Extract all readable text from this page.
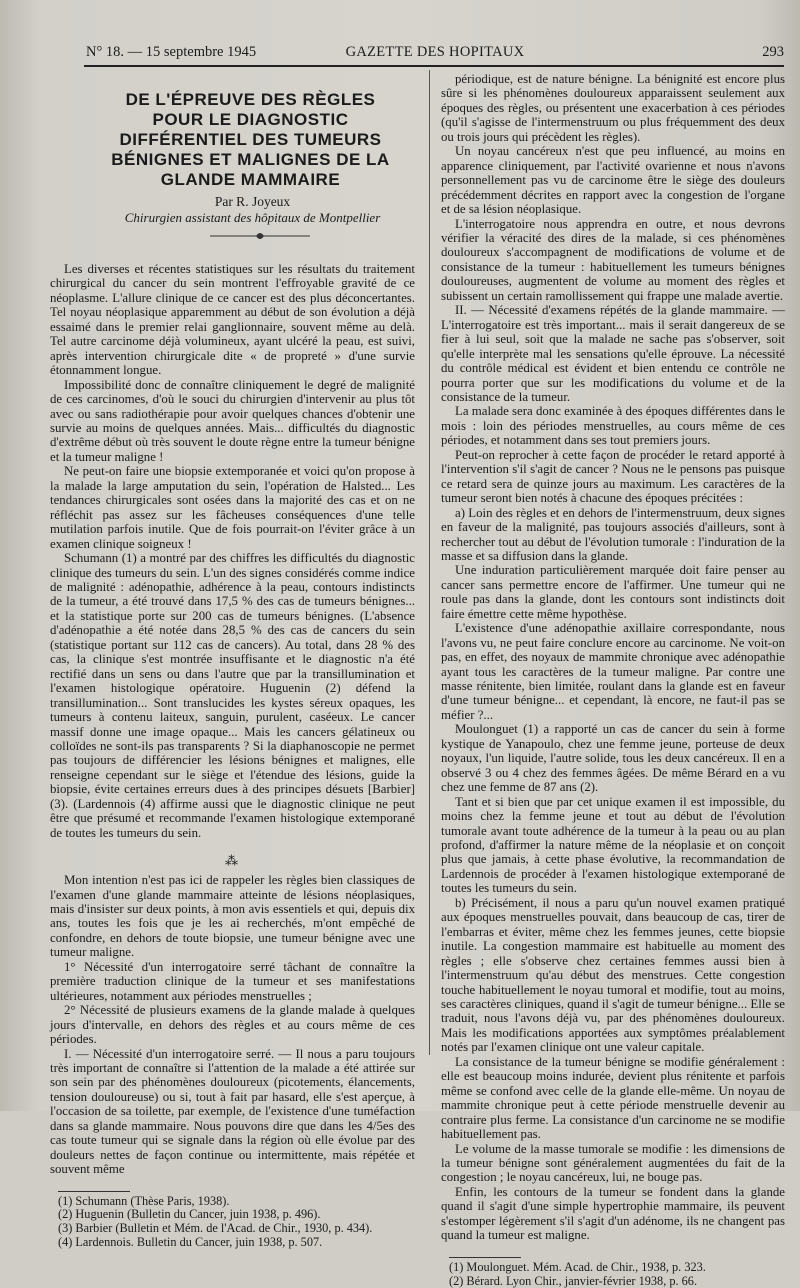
N° 18. — 15 septembre 1945	GAZETTE DES HOPITAUX	293
DE L'ÉPREUVE DES RÈGLES
POUR LE DIAGNOSTIC DIFFÉRENTIEL DES TUMEURS
BÉNIGNES ET MALIGNES DE LA GLANDE MAMMAIRE
Par R. Joyeux
Chirurgien assistant des hôpitaux de Montpellier

Les diverses et récentes statistiques sur les résultats du traitement chirurgical du cancer du sein montrent l'effroyable gravité de ce néoplasme. L'allure clinique de ce cancer est des plus déconcertantes. Tel noyau néoplasique apparemment au début de son évolution a déjà essaimé dans le premier relai ganglionnaire, souvent même au delà. Tel autre carcinome déjà volumineux, ayant ulcéré la peau, est suivi, après intervention chirurgicale dite « de propreté » d'une survie étonnamment longue.

Impossibilité donc de connaître cliniquement le degré de malignité de ces carcinomes, d'où le souci du chirurgien d'intervenir au plus tôt avec ou sans radiothérapie pour avoir quelques chances d'obtenir une survie au moins de quelques années. Mais... difficultés du diagnostic d'extrême début où très souvent le doute règne entre la tumeur bénigne et la tumeur maligne !

Ne peut-on faire une biopsie extemporanée et voici qu'on propose à la malade la large amputation du sein, l'opération de Halsted... Les tendances chirurgicales sont osées dans la majorité des cas et on ne réfléchit pas assez sur les fâcheuses conséquences d'une telle mutilation parfois inutile. Que de fois pourrait-on l'éviter grâce à un examen clinique soigneux !

Schumann (1) a montré par des chiffres les difficultés du diagnostic clinique des tumeurs du sein. L'un des signes considérés comme indice de malignité : adénopathie, adhérence à la peau, contours indistincts de la tumeur, a été trouvé dans 17,5 % des cas de tumeurs bénignes... et la statistique porte sur 200 cas de tumeurs bénignes. (L'absence d'adénopathie a été notée dans 28,5 % des cas de cancers du sein (statistique portant sur 112 cas de cancers). Au total, dans 28 % des cas, la clinique s'est montrée insuffisante et le diagnostic n'a été rectifié dans un sens ou dans l'autre que par la transillumination et l'examen histologique opératoire. Huguenin (2) défend la transillumination... Sont translucides les kystes séreux opaques, les tumeurs à contenu laiteux, sanguin, purulent, caséeux. Le cancer massif donne une image opaque... Mais les cancers gélatineux ou colloïdes ne sont-ils pas transparents ? Si la diaphanoscopie ne permet pas toujours de différencier les lésions bénignes et malignes, elle renseigne cependant sur le siège et l'étendue des lésions, guide la biopsie, évite certaines erreurs dues à des principes désuets [Barbier] (3). (Lardennois (4) affirme aussi que le diagnostic clinique ne peut être que présumé et recommande l'examen histologique extemporané de toutes les tumeurs du sein.

⁂

Mon intention n'est pas ici de rappeler les règles bien classiques de l'examen d'une glande mammaire atteinte de lésions néoplasiques, mais d'insister sur deux points, à mon avis essentiels et qui, depuis dix ans, toutes les fois que je les ai recherchés, m'ont empêché de confondre, en dehors de toute biopsie, une tumeur bénigne avec une tumeur maligne.

1° Nécessité d'un interrogatoire serré tâchant de connaître la première traduction clinique de la tumeur et ses manifestations ultérieures, notamment aux périodes menstruelles ;

2° Nécessité de plusieurs examens de la glande malade à quelques jours d'intervalle, en dehors des règles et au cours même de ces périodes.

I. — Nécessité d'un interrogatoire serré. — Il nous a paru toujours très important de connaître si l'attention de la malade a été attirée sur son sein par des phénomènes douloureux (picotements, élancements, tension douloureuse) ou si, tout à fait par hasard, elle s'est aperçue, à l'occasion de sa toilette, par exemple, de l'existence d'une tuméfaction dans sa glande mammaire. Nous pouvons dire que dans les 4/5es des cas toute tumeur qui se signale dans la région où elle évolue par des douleurs nettes de façon continue ou intermittente, mais répétée et souvent même

(1) Schumann (Thèse Paris, 1938).

(2) Huguenin (Bulletin du Cancer, juin 1938, p. 496).

(3) Barbier (Bulletin et Mém. de l'Acad. de Chir., 1930, p. 434).

(4) Lardennois. Bulletin du Cancer, juin 1938, p. 507.

périodique, est de nature bénigne. La bénignité est encore plus sûre si les phénomènes douloureux apparaissent seulement aux époques des règles, ou présentent une exacerbation à ces périodes (qu'il s'agisse de l'intermenstruum ou plus fréquemment des deux ou trois jours qui précèdent les règles).

Un noyau cancéreux n'est que peu influencé, au moins en apparence cliniquement, par l'activité ovarienne et nous n'avons personnellement pas vu de carcinome être le siège des douleurs précédemment décrites en rapport avec la congestion de l'organe et de sa lésion néoplasique.

L'interrogatoire nous apprendra en outre, et nous devrons vérifier la véracité des dires de la malade, si ces phénomènes douloureux s'accompagnent de modifications de volume et de consistance de la tumeur : habituellement les tumeurs bénignes douloureuses, augmentent de volume au moment des règles et subissent un certain ramollissement qui frappe une malade avertie.

II. — Nécessité d'examens répétés de la glande mammaire. — L'interrogatoire est très important... mais il serait dangereux de se fier à lui seul, soit que la malade ne sache pas s'observer, soit qu'elle interprète mal les sensations qu'elle éprouve. La nécessité du contrôle médical est évident et bien entendu ce contrôle ne pourra porter que sur les modifications du volume et de la consistance de la tumeur.

La malade sera donc examinée à des époques différentes dans le mois : loin des périodes menstruelles, au cours même de ces périodes, et notamment dans ses tout premiers jours.

Peut-on reprocher à cette façon de procéder le retard apporté à l'intervention s'il s'agit de cancer ? Nous ne le pensons pas puisque ce retard sera de quinze jours au maximum. Les caractères de la tumeur seront bien notés à chacune des époques précitées :

a) Loin des règles et en dehors de l'intermenstruum, deux signes en faveur de la malignité, pas toujours associés d'ailleurs, sont à rechercher tout au début de l'évolution tumorale : l'induration de la masse et sa diffusion dans la glande.

Une induration particulièrement marquée doit faire penser au cancer sans permettre encore de l'affirmer. Une tumeur qui ne roule pas dans la glande, dont les contours sont indistincts doit faire émettre cette même hypothèse.

L'existence d'une adénopathie axillaire correspondante, nous l'avons vu, ne peut faire conclure encore au carcinome. Ne voit-on pas, en effet, des noyaux de mammite chronique avec adénopathie ayant tous les caractères de la tumeur maligne. Par contre une masse rénitente, bien limitée, roulant dans la glande est en faveur d'une tumeur bénigne... et cependant, là encore, ne faut-il pas se méfier ?...

Moulonguet (1) a rapporté un cas de cancer du sein à forme kystique de Yanapoulo, chez une femme jeune, porteuse de deux noyaux, l'un liquide, l'autre solide, tous les deux cancéreux. Il en a observé 3 ou 4 chez des femmes âgées. De même Bérard en a vu chez une femme de 87 ans (2).

Tant et si bien que par cet unique examen il est impossible, du moins chez la femme jeune et tout au début de l'évolution tumorale avant toute adhérence de la tumeur à la peau ou au plan profond, d'affirmer la nature même de la néoplasie et on conçoit plus que jamais, à cette phase évolutive, la recommandation de Lardennois de procéder à l'examen histologique extemporané de toutes les tumeurs du sein.

b) Précisément, il nous a paru qu'un nouvel examen pratiqué aux époques menstruelles pouvait, dans beaucoup de cas, tirer de l'embarras et éviter, même chez les femmes jeunes, cette biopsie inutile. La congestion mammaire est habituelle au moment des règles ; elle s'observe chez certaines femmes aussi bien à l'intermenstruum qu'au début des menstrues. Cette congestion touche habituellement le noyau tumoral et modifie, tout au moins, ses caractères cliniques, quand il s'agit de tumeur bénigne... Elle se traduit, nous l'avons déjà vu, par des phénomènes douloureux. Mais les modifications apportées aux symptômes préalablement notés par l'examen clinique ont une valeur capitale.

La consistance de la tumeur bénigne se modifie généralement : elle est beaucoup moins indurée, devient plus rénitente et parfois même se confond avec celle de la glande elle-même. Un noyau de mammite chronique peut à cette période menstruelle devenir au contraire plus ferme. La consistance d'un carcinome ne se modifie habituellement pas.

Le volume de la masse tumorale se modifie : les dimensions de la tumeur bénigne sont généralement augmentées du fait de la congestion ; le noyau cancéreux, lui, ne bouge pas.

Enfin, les contours de la tumeur se fondent dans la glande quand il s'agit d'une simple hypertrophie mammaire, ils peuvent s'estomper légèrement s'il s'agit d'un adénome, ils ne changent pas quand la tumeur est maligne.

(1) Moulonguet. Mém. Acad. de Chir., 1938, p. 323.

(2) Bérard. Lyon Chir., janvier-février 1938, p. 66.
